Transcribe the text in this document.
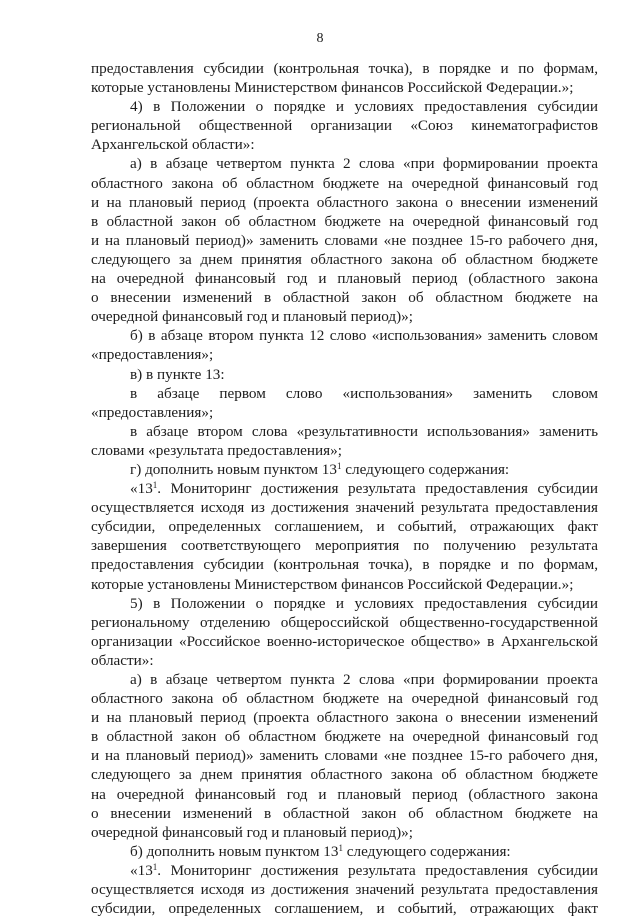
8
предоставления субсидии (контрольная точка), в порядке и по формам,
которые установлены Министерством финансов Российской Федерации.»;
4) в Положении о порядке и условиях предоставления субсидии
региональной общественной организации «Союз кинематографистов
Архангельской области»:
а) в абзаце четвертом пункта 2 слова «при формировании проекта
областного закона об областном бюджете на очередной финансовый год
и на плановый период (проекта областного закона о внесении изменений
в областной закон об областном бюджете на очередной финансовый год
и на плановый период)» заменить словами «не позднее 15-го рабочего дня,
следующего за днем принятия областного закона об областном бюджете
на очередной финансовый год и плановый период (областного закона
о внесении изменений в областной закон об областном бюджете на
очередной финансовый год и плановый период)»;
б) в абзаце втором пункта 12 слово «использования» заменить словом
«предоставления»;
в) в пункте 13:
в абзаце первом слово «использования» заменить словом
«предоставления»;
в абзаце втором слова «результативности использования» заменить
словами «результата предоставления»;
г) дополнить новым пунктом $13^1$ следующего содержания:
«$13^1$. Мониторинг достижения результата предоставления субсидии
осуществляется исходя из достижения значений результата предоставления
субсидии, определенных соглашением, и событий, отражающих факт
завершения соответствующего мероприятия по получению результата
предоставления субсидии (контрольная точка), в порядке и по формам,
которые установлены Министерством финансов Российской Федерации.»;
5) в Положении о порядке и условиях предоставления субсидии
региональному отделению общероссийской общественно-государственной
организации «Российское военно-историческое общество» в Архангельской
области»:
а) в абзаце четвертом пункта 2 слова «при формировании проекта
областного закона об областном бюджете на очередной финансовый год
и на плановый период (проекта областного закона о внесении изменений
в областной закон об областном бюджете на очередной финансовый год
и на плановый период)» заменить словами «не позднее 15-го рабочего дня,
следующего за днем принятия областного закона об областном бюджете
на очередной финансовый год и плановый период (областного закона
о внесении изменений в областной закон об областном бюджете на
очередной финансовый год и плановый период)»;
б) дополнить новым пунктом $13^1$ следующего содержания:
«$13^1$. Мониторинг достижения результата предоставления субсидии
осуществляется исходя из достижения значений результата предоставления
субсидии, определенных соглашением, и событий, отражающих факт
